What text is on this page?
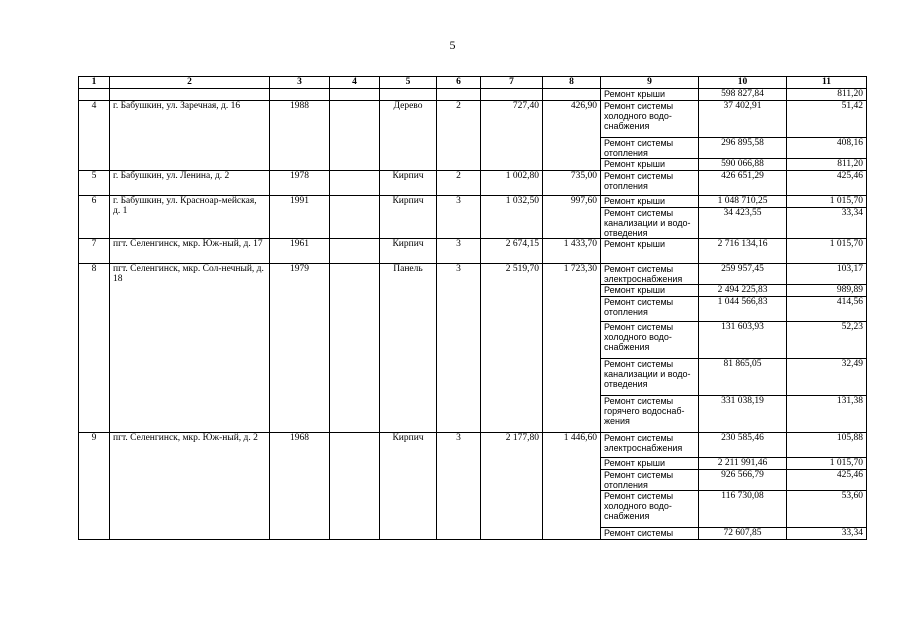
5
1	2	3	4	5	6	7	8	9	10	11
								Ремонт крыши	598 827,84	811,20
4	г. Бабушкин, ул. Заречная, д. 16	1988		Дерево	2	727,40	426,90	Ремонт системы холодного водо-снабжения	37 402,91	51,42
								Ремонт системы отопления	296 895,58	408,16
								Ремонт крыши	590 066,88	811,20
5	г. Бабушкин, ул. Ленина, д. 2	1978		Кирпич	2	1 002,80	735,00	Ремонт системы отопления	426 651,29	425,46
6	г. Бабушкин, ул. Красноар-мейская, д. 1	1991		Кирпич	3	1 032,50	997,60	Ремонт крыши	1 048 710,25	1 015,70
								Ремонт системы канализации и водо-отведения	34 423,55	33,34
7	пгт. Селенгинск, мкр. Юж-ный, д. 17	1961		Кирпич	3	2 674,15	1 433,70	Ремонт крыши	2 716 134,16	1 015,70
8	пгт. Селенгинск, мкр. Сол-нечный, д. 18	1979		Панель	3	2 519,70	1 723,30	Ремонт системы электроснабжения	259 957,45	103,17
								Ремонт крыши	2 494 225,83	989,89
								Ремонт системы отопления	1 044 566,83	414,56
								Ремонт системы холодного водо-снабжения	131 603,93	52,23
								Ремонт системы канализации и водо-отведения	81 865,05	32,49
								Ремонт системы горячего водоснаб-жения	331 038,19	131,38
9	пгт. Селенгинск, мкр. Юж-ный, д. 2	1968		Кирпич	3	2 177,80	1 446,60	Ремонт системы электроснабжения	230 585,46	105,88
								Ремонт крыши	2 211 991,46	1 015,70
								Ремонт системы отопления	926 566,79	425,46
								Ремонт системы холодного водо-снабжения	116 730,08	53,60
								Ремонт системы	72 607,85	33,34
